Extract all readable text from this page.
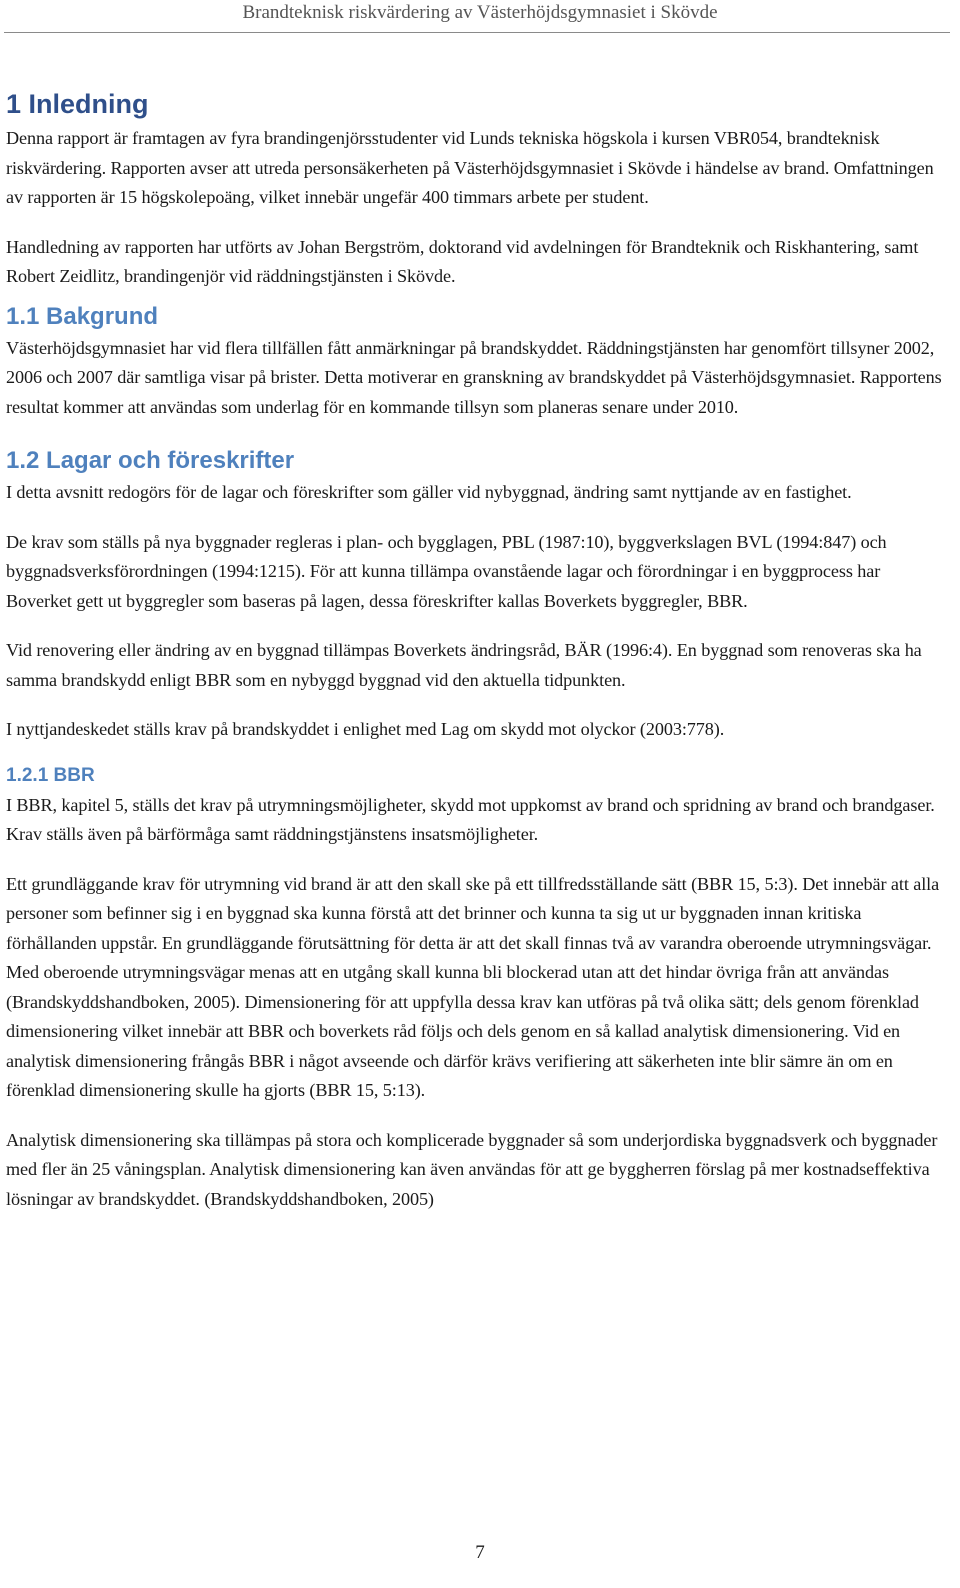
Brandteknisk riskvärdering av Västerhöjdsgymnasiet i Skövde
1 Inledning

Denna rapport är framtagen av fyra brandingenjörsstudenter vid Lunds tekniska högskola i kursen VBR054, brandteknisk riskvärdering. Rapporten avser att utreda personsäkerheten på Västerhöjdsgymnasiet i Skövde i händelse av brand. Omfattningen av rapporten är 15 högskolepoäng, vilket innebär ungefär 400 timmars arbete per student.

Handledning av rapporten har utförts av Johan Bergström, doktorand vid avdelningen för Brandteknik och Riskhantering, samt Robert Zeidlitz, brandingenjör vid räddningstjänsten i Skövde.

1.1 Bakgrund

Västerhöjdsgymnasiet har vid flera tillfällen fått anmärkningar på brandskyddet. Räddningstjänsten har genomfört tillsyner 2002, 2006 och 2007 där samtliga visar på brister. Detta motiverar en granskning av brandskyddet på Västerhöjdsgymnasiet. Rapportens resultat kommer att användas som underlag för en kommande tillsyn som planeras senare under 2010.

1.2 Lagar och föreskrifter

I detta avsnitt redogörs för de lagar och föreskrifter som gäller vid nybyggnad, ändring samt nyttjande av en fastighet.

De krav som ställs på nya byggnader regleras i plan- och bygglagen, PBL (1987:10), byggverkslagen BVL (1994:847) och byggnadsverksförordningen (1994:1215). För att kunna tillämpa ovanstående lagar och förordningar i en byggprocess har Boverket gett ut byggregler som baseras på lagen, dessa föreskrifter kallas Boverkets byggregler, BBR.

Vid renovering eller ändring av en byggnad tillämpas Boverkets ändringsråd, BÄR (1996:4). En byggnad som renoveras ska ha samma brandskydd enligt BBR som en nybyggd byggnad vid den aktuella tidpunkten.

I nyttjandeskedet ställs krav på brandskyddet i enlighet med Lag om skydd mot olyckor (2003:778).

1.2.1 BBR

I BBR, kapitel 5, ställs det krav på utrymningsmöjligheter, skydd mot uppkomst av brand och spridning av brand och brandgaser. Krav ställs även på bärförmåga samt räddningstjänstens insatsmöjligheter.

Ett grundläggande krav för utrymning vid brand är att den skall ske på ett tillfredsställande sätt (BBR 15, 5:3). Det innebär att alla personer som befinner sig i en byggnad ska kunna förstå att det brinner och kunna ta sig ut ur byggnaden innan kritiska förhållanden uppstår. En grundläggande förutsättning för detta är att det skall finnas två av varandra oberoende utrymningsvägar. Med oberoende utrymningsvägar menas att en utgång skall kunna bli blockerad utan att det hindar övriga från att användas (Brandskyddshandboken, 2005). Dimensionering för att uppfylla dessa krav kan utföras på två olika sätt; dels genom förenklad dimensionering vilket innebär att BBR och boverkets råd följs och dels genom en så kallad analytisk dimensionering. Vid en analytisk dimensionering frångås BBR i något avseende och därför krävs verifiering att säkerheten inte blir sämre än om en förenklad dimensionering skulle ha gjorts (BBR 15, 5:13).

Analytisk dimensionering ska tillämpas på stora och komplicerade byggnader så som underjordiska byggnadsverk och byggnader med fler än 25 våningsplan. Analytisk dimensionering kan även användas för att ge byggherren förslag på mer kostnadseffektiva lösningar av brandskyddet. (Brandskyddshandboken, 2005)

7
